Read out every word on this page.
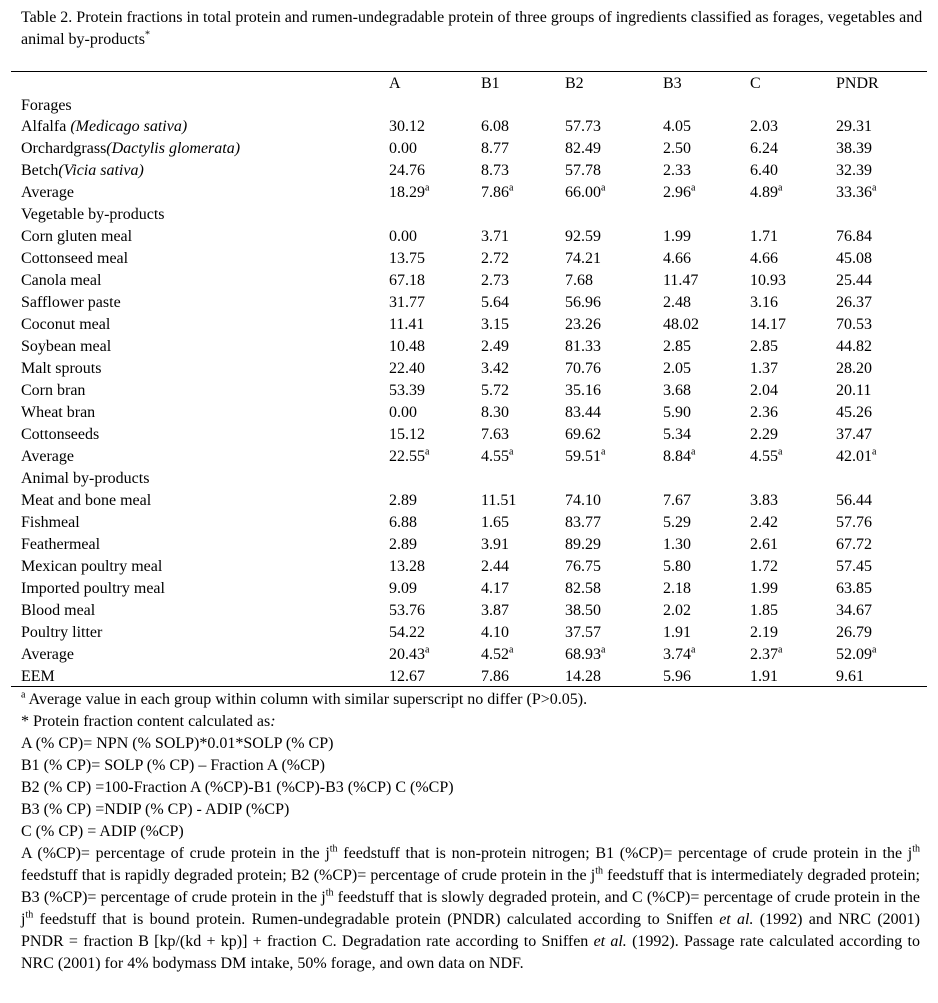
Table 2. Protein fractions in total protein and rumen-undegradable protein of three groups of ingredients classified as forages, vegetables and animal by-products*
A	B1	B2	B3	C	PNDR
Forages
Alfalfa (Medicago sativa)	30.12	6.08	57.73	4.05	2.03	29.31
Orchardgrass(Dactylis glomerata)	0.00	8.77	82.49	2.50	6.24	38.39
Betch(Vicia sativa)	24.76	8.73	57.78	2.33	6.40	32.39
Average	18.29$^a$	7.86$^a$	66.00$^a$	2.96$^a$	4.89$^a$	33.36$^a$
Vegetable by-products
Corn gluten meal	0.00	3.71	92.59	1.99	1.71	76.84
Cottonseed meal	13.75	2.72	74.21	4.66	4.66	45.08
Canola meal	67.18	2.73	7.68	11.47	10.93	25.44
Safflower paste	31.77	5.64	56.96	2.48	3.16	26.37
Coconut meal	11.41	3.15	23.26	48.02	14.17	70.53
Soybean meal	10.48	2.49	81.33	2.85	2.85	44.82
Malt sprouts	22.40	3.42	70.76	2.05	1.37	28.20
Corn bran	53.39	5.72	35.16	3.68	2.04	20.11
Wheat bran	0.00	8.30	83.44	5.90	2.36	45.26
Cottonseeds	15.12	7.63	69.62	5.34	2.29	37.47
Average	22.55$^a$	4.55$^a$	59.51$^a$	8.84$^a$	4.55$^a$	42.01$^a$
Animal by-products
Meat and bone meal	2.89	11.51	74.10	7.67	3.83	56.44
Fishmeal	6.88	1.65	83.77	5.29	2.42	57.76
Feathermeal	2.89	3.91	89.29	1.30	2.61	67.72
Mexican poultry meal	13.28	2.44	76.75	5.80	1.72	57.45
Imported poultry meal	9.09	4.17	82.58	2.18	1.99	63.85
Blood meal	53.76	3.87	38.50	2.02	1.85	34.67
Poultry litter	54.22	4.10	37.57	1.91	2.19	26.79
Average	20.43$^a$	4.52$^a$	68.93$^a$	3.74$^a$	2.37$^a$	52.09$^a$
EEM	12.67	7.86	14.28	5.96	1.91	9.61

$^a$ Average value in each group within column with similar superscript no differ (P>0.05).

* Protein fraction content calculated as:

A (% CP)= NPN (% SOLP)*0.01*SOLP (% CP)

B1 (% CP)= SOLP (% CP) – Fraction A (%CP)

B2 (% CP) =100-Fraction A (%CP)-B1 (%CP)-B3 (%CP) C (%CP)

B3 (% CP) =NDIP (% CP) - ADIP (%CP)

C (% CP) = ADIP (%CP)

A (%CP)= percentage of crude protein in the $j^{th}$ feedstuff that is non-protein nitrogen; B1 (%CP)= percentage of crude protein in the $j^{th}$ feedstuff that is rapidly degraded protein; B2 (%CP)= percentage of crude protein in the $j^{th}$ feedstuff that is intermediately degraded protein; B3 (%CP)= percentage of crude protein in the $j^{th}$ feedstuff that is slowly degraded protein, and C (%CP)= percentage of crude protein in the $j^{th}$ feedstuff that is bound protein. Rumen-undegradable protein (PNDR) calculated according to Sniffen et al. (1992) and NRC (2001) PNDR = fraction B [kp/(kd + kp)] + fraction C. Degradation rate according to Sniffen et al. (1992). Passage rate calculated according to NRC (2001) for 4% bodymass DM intake, 50% forage, and own data on NDF.
